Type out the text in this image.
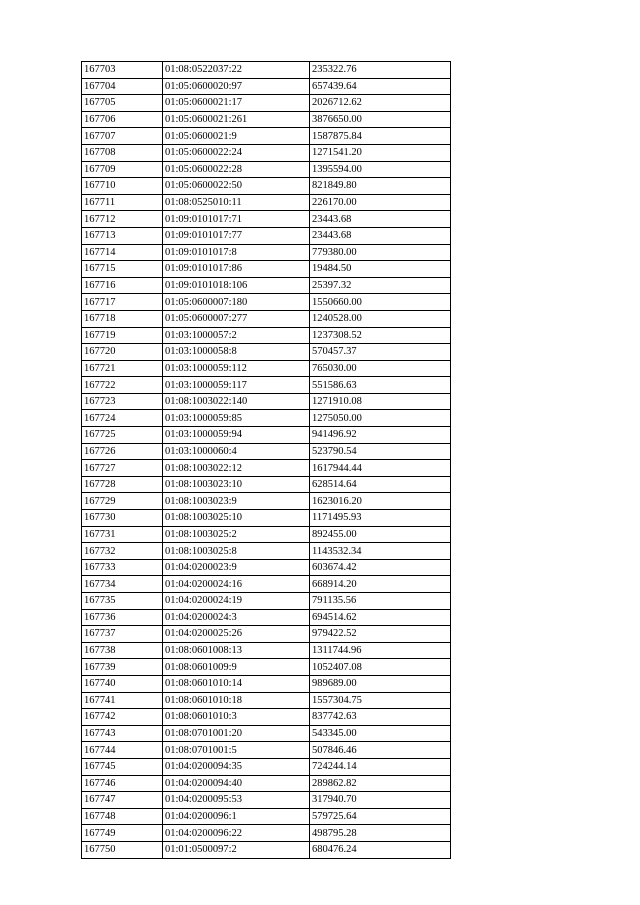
167703	01:08:0522037:22	235322.76
167704	01:05:0600020:97	657439.64
167705	01:05:0600021:17	2026712.62
167706	01:05:0600021:261	3876650.00
167707	01:05:0600021:9	1587875.84
167708	01:05:0600022:24	1271541.20
167709	01:05:0600022:28	1395594.00
167710	01:05:0600022:50	821849.80
167711	01:08:0525010:11	226170.00
167712	01:09:0101017:71	23443.68
167713	01:09:0101017:77	23443.68
167714	01:09:0101017:8	779380.00
167715	01:09:0101017:86	19484.50
167716	01:09:0101018:106	25397.32
167717	01:05:0600007:180	1550660.00
167718	01:05:0600007:277	1240528.00
167719	01:03:1000057:2	1237308.52
167720	01:03:1000058:8	570457.37
167721	01:03:1000059:112	765030.00
167722	01:03:1000059:117	551586.63
167723	01:08:1003022:140	1271910.08
167724	01:03:1000059:85	1275050.00
167725	01:03:1000059:94	941496.92
167726	01:03:1000060:4	523790.54
167727	01:08:1003022:12	1617944.44
167728	01:08:1003023:10	628514.64
167729	01:08:1003023:9	1623016.20
167730	01:08:1003025:10	1171495.93
167731	01:08:1003025:2	892455.00
167732	01:08:1003025:8	1143532.34
167733	01:04:0200023:9	603674.42
167734	01:04:0200024:16	668914.20
167735	01:04:0200024:19	791135.56
167736	01:04:0200024:3	694514.62
167737	01:04:0200025:26	979422.52
167738	01:08:0601008:13	1311744.96
167739	01:08:0601009:9	1052407.08
167740	01:08:0601010:14	989689.00
167741	01:08:0601010:18	1557304.75
167742	01:08:0601010:3	837742.63
167743	01:08:0701001:20	543345.00
167744	01:08:0701001:5	507846.46
167745	01:04:0200094:35	724244.14
167746	01:04:0200094:40	289862.82
167747	01:04:0200095:53	317940.70
167748	01:04:0200096:1	579725.64
167749	01:04:0200096:22	498795.28
167750	01:01:0500097:2	680476.24
